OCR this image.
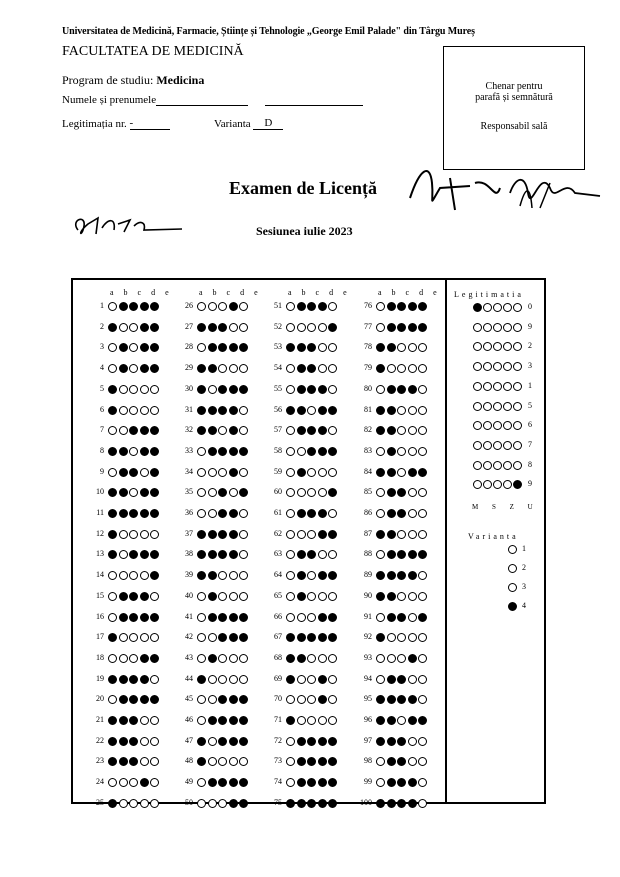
Universitatea de Medicină, Farmacie, Științe și Tehnologie „George Emil Palade" din Târgu Mureș
FACULTATEA DE MEDICINĂ
Program de studiu: Medicina
Numele și prenumele
Legitimația nr. -	Varianta D
Chenar pentru
parafă și semnătură
Responsabil sală
Examen de Licență
Sesiunea iulie 2023
a b c d e
1
2
3
4
5
6
7
8
9
10
11
12
13
14
15
16
17
18
19
20
21
22
23
24
25
a b c d e
26
27
28
29
30
31
32
33
34
35
36
37
38
39
40
41
42
43
44
45
46
47
48
49
50
a b c d e
51
52
53
54
55
56
57
58
59
60
61
62
63
64
65
66
67
68
69
70
71
72
73
74
75
a b c d e
76
77
78
79
80
81
82
83
84
85
86
87
88
89
90
91
92
93
94
95
96
97
98
99
100
Legitimatia
0
9
2
3
1
5
6
7
8
9
M S Z U
Varianta
1
2
3
4
